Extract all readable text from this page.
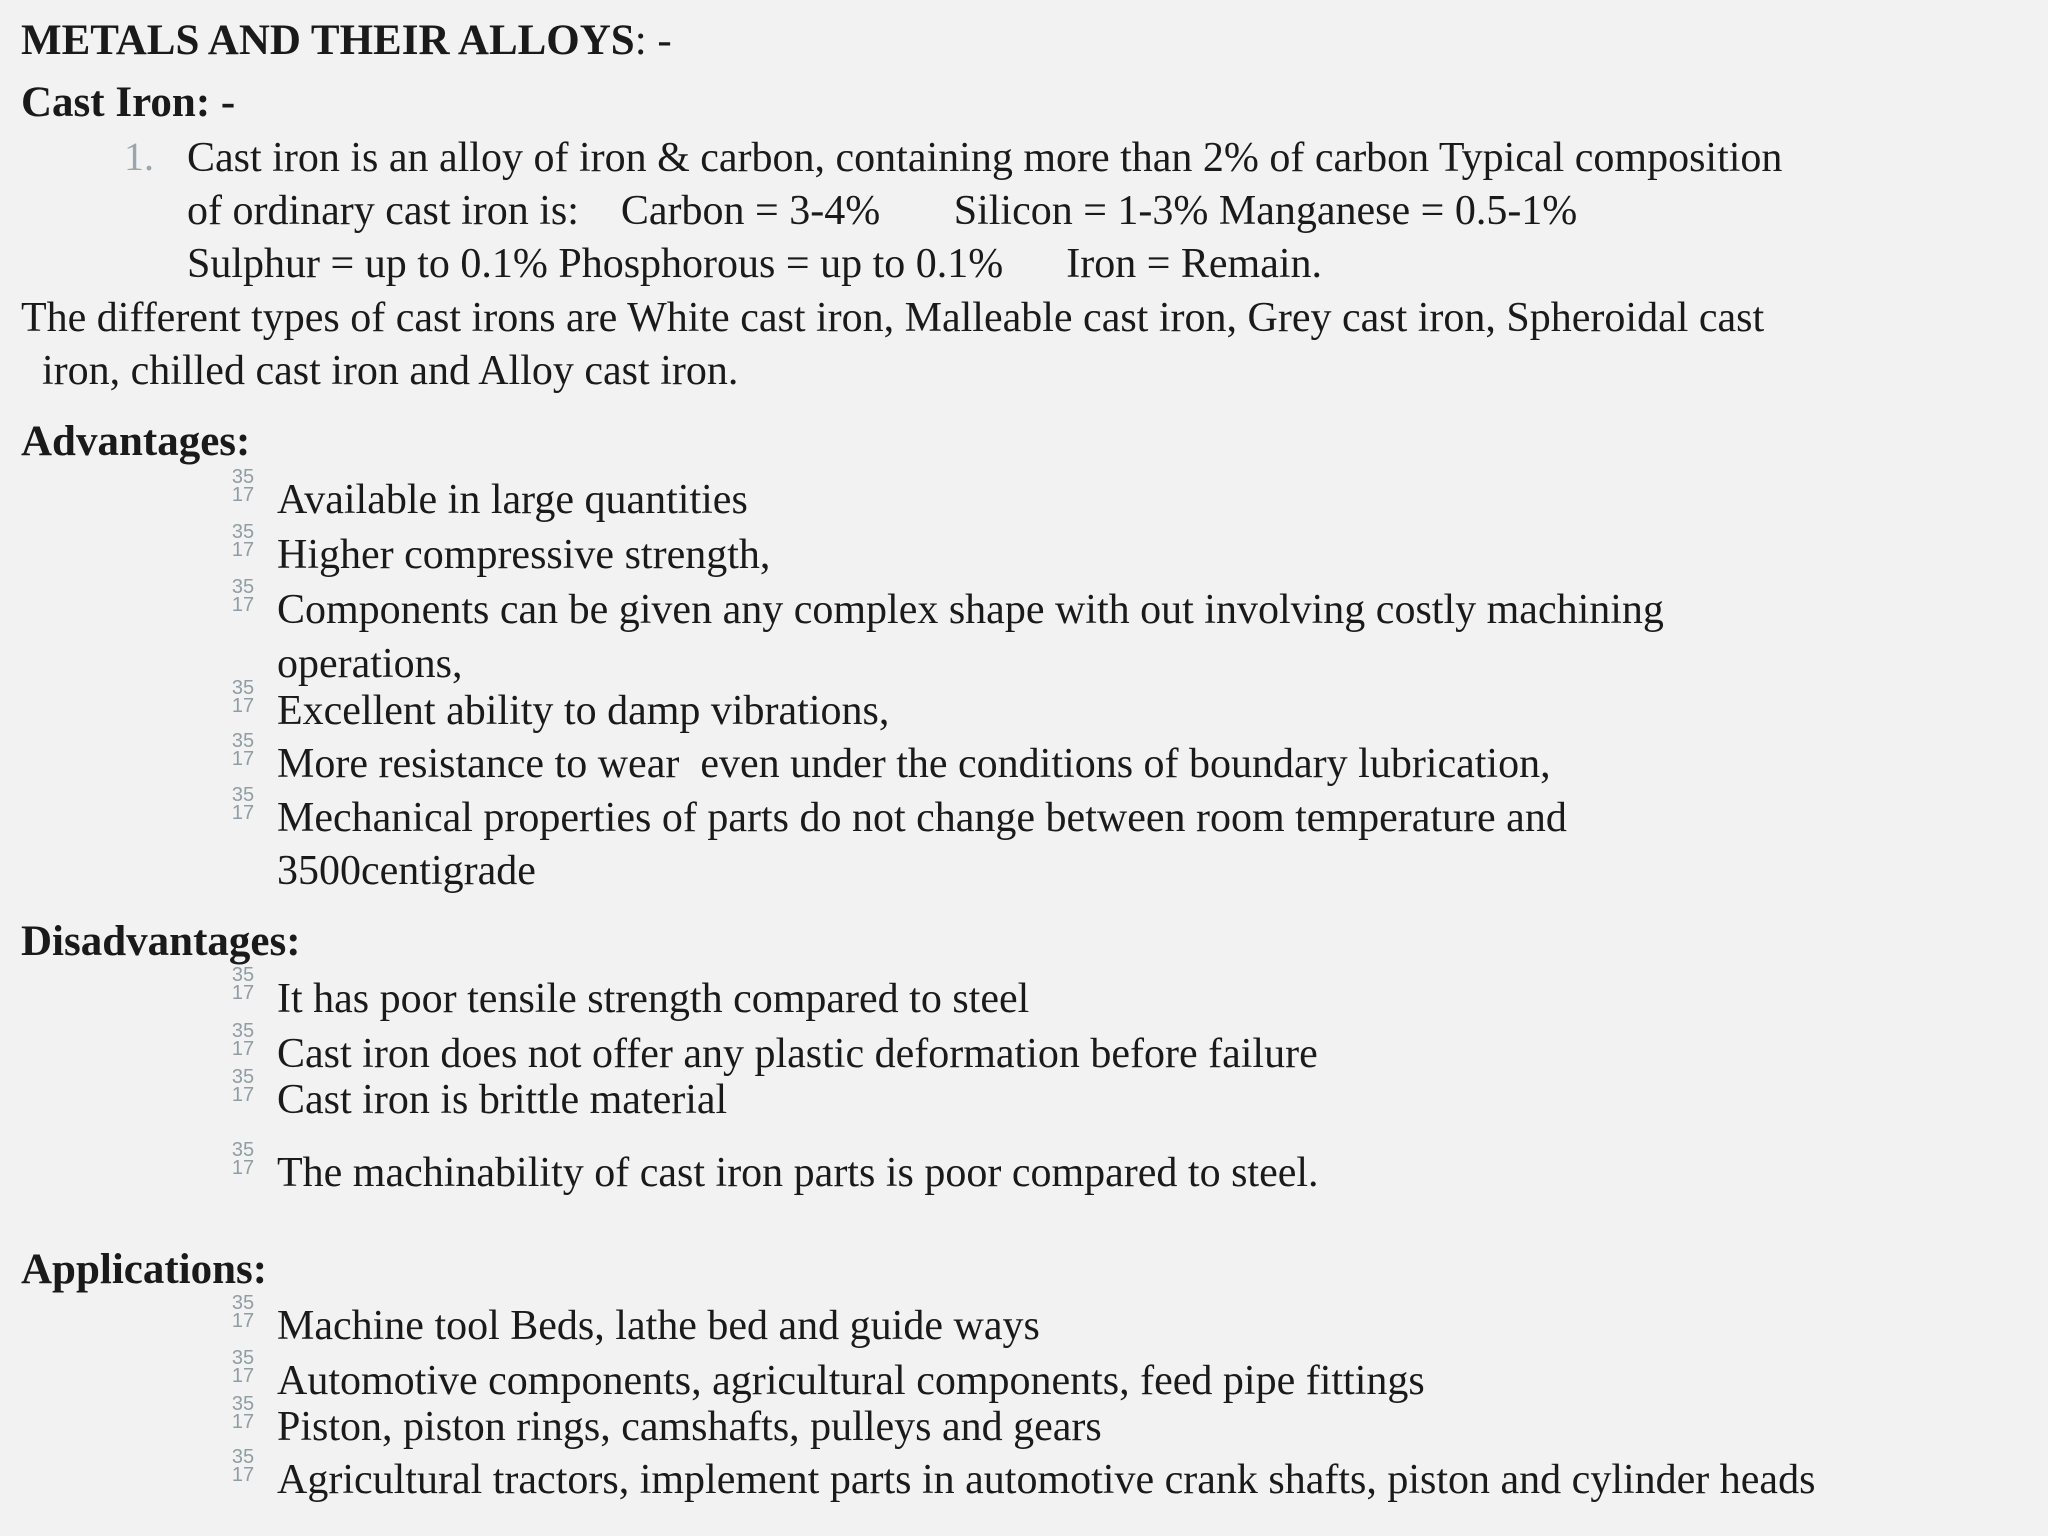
METALS AND THEIR ALLOYS: -
Cast Iron: -
1. Cast iron is an alloy of iron & carbon, containing more than 2% of carbon Typical composition
of ordinary cast iron is:    Carbon = 3-4%       Silicon = 1-3% Manganese = 0.5-1%
Sulphur = up to 0.1% Phosphorous = up to 0.1%      Iron = Remain.
The different types of cast irons are White cast iron, Malleable cast iron, Grey cast iron, Spheroidal cast
iron, chilled cast iron and Alloy cast iron.
Advantages:
35
17 Available in large quantities
35
17 Higher compressive strength,
35
17 Components can be given any complex shape with out involving costly machining
operations,
35
17 Excellent ability to damp vibrations,
35
17 More resistance to wear  even under the conditions of boundary lubrication,
35
17 Mechanical properties of parts do not change between room temperature and
3500centigrade
Disadvantages:
35
17 It has poor tensile strength compared to steel
35
17 Cast iron does not offer any plastic deformation before failure
35
17 Cast iron is brittle material
35
17 The machinability of cast iron parts is poor compared to steel.
Applications:
35
17 Machine tool Beds, lathe bed and guide ways
35
17 Automotive components, agricultural components, feed pipe fittings
35
17 Piston, piston rings, camshafts, pulleys and gears
35
17 Agricultural tractors, implement parts in automotive crank shafts, piston and cylinder heads
